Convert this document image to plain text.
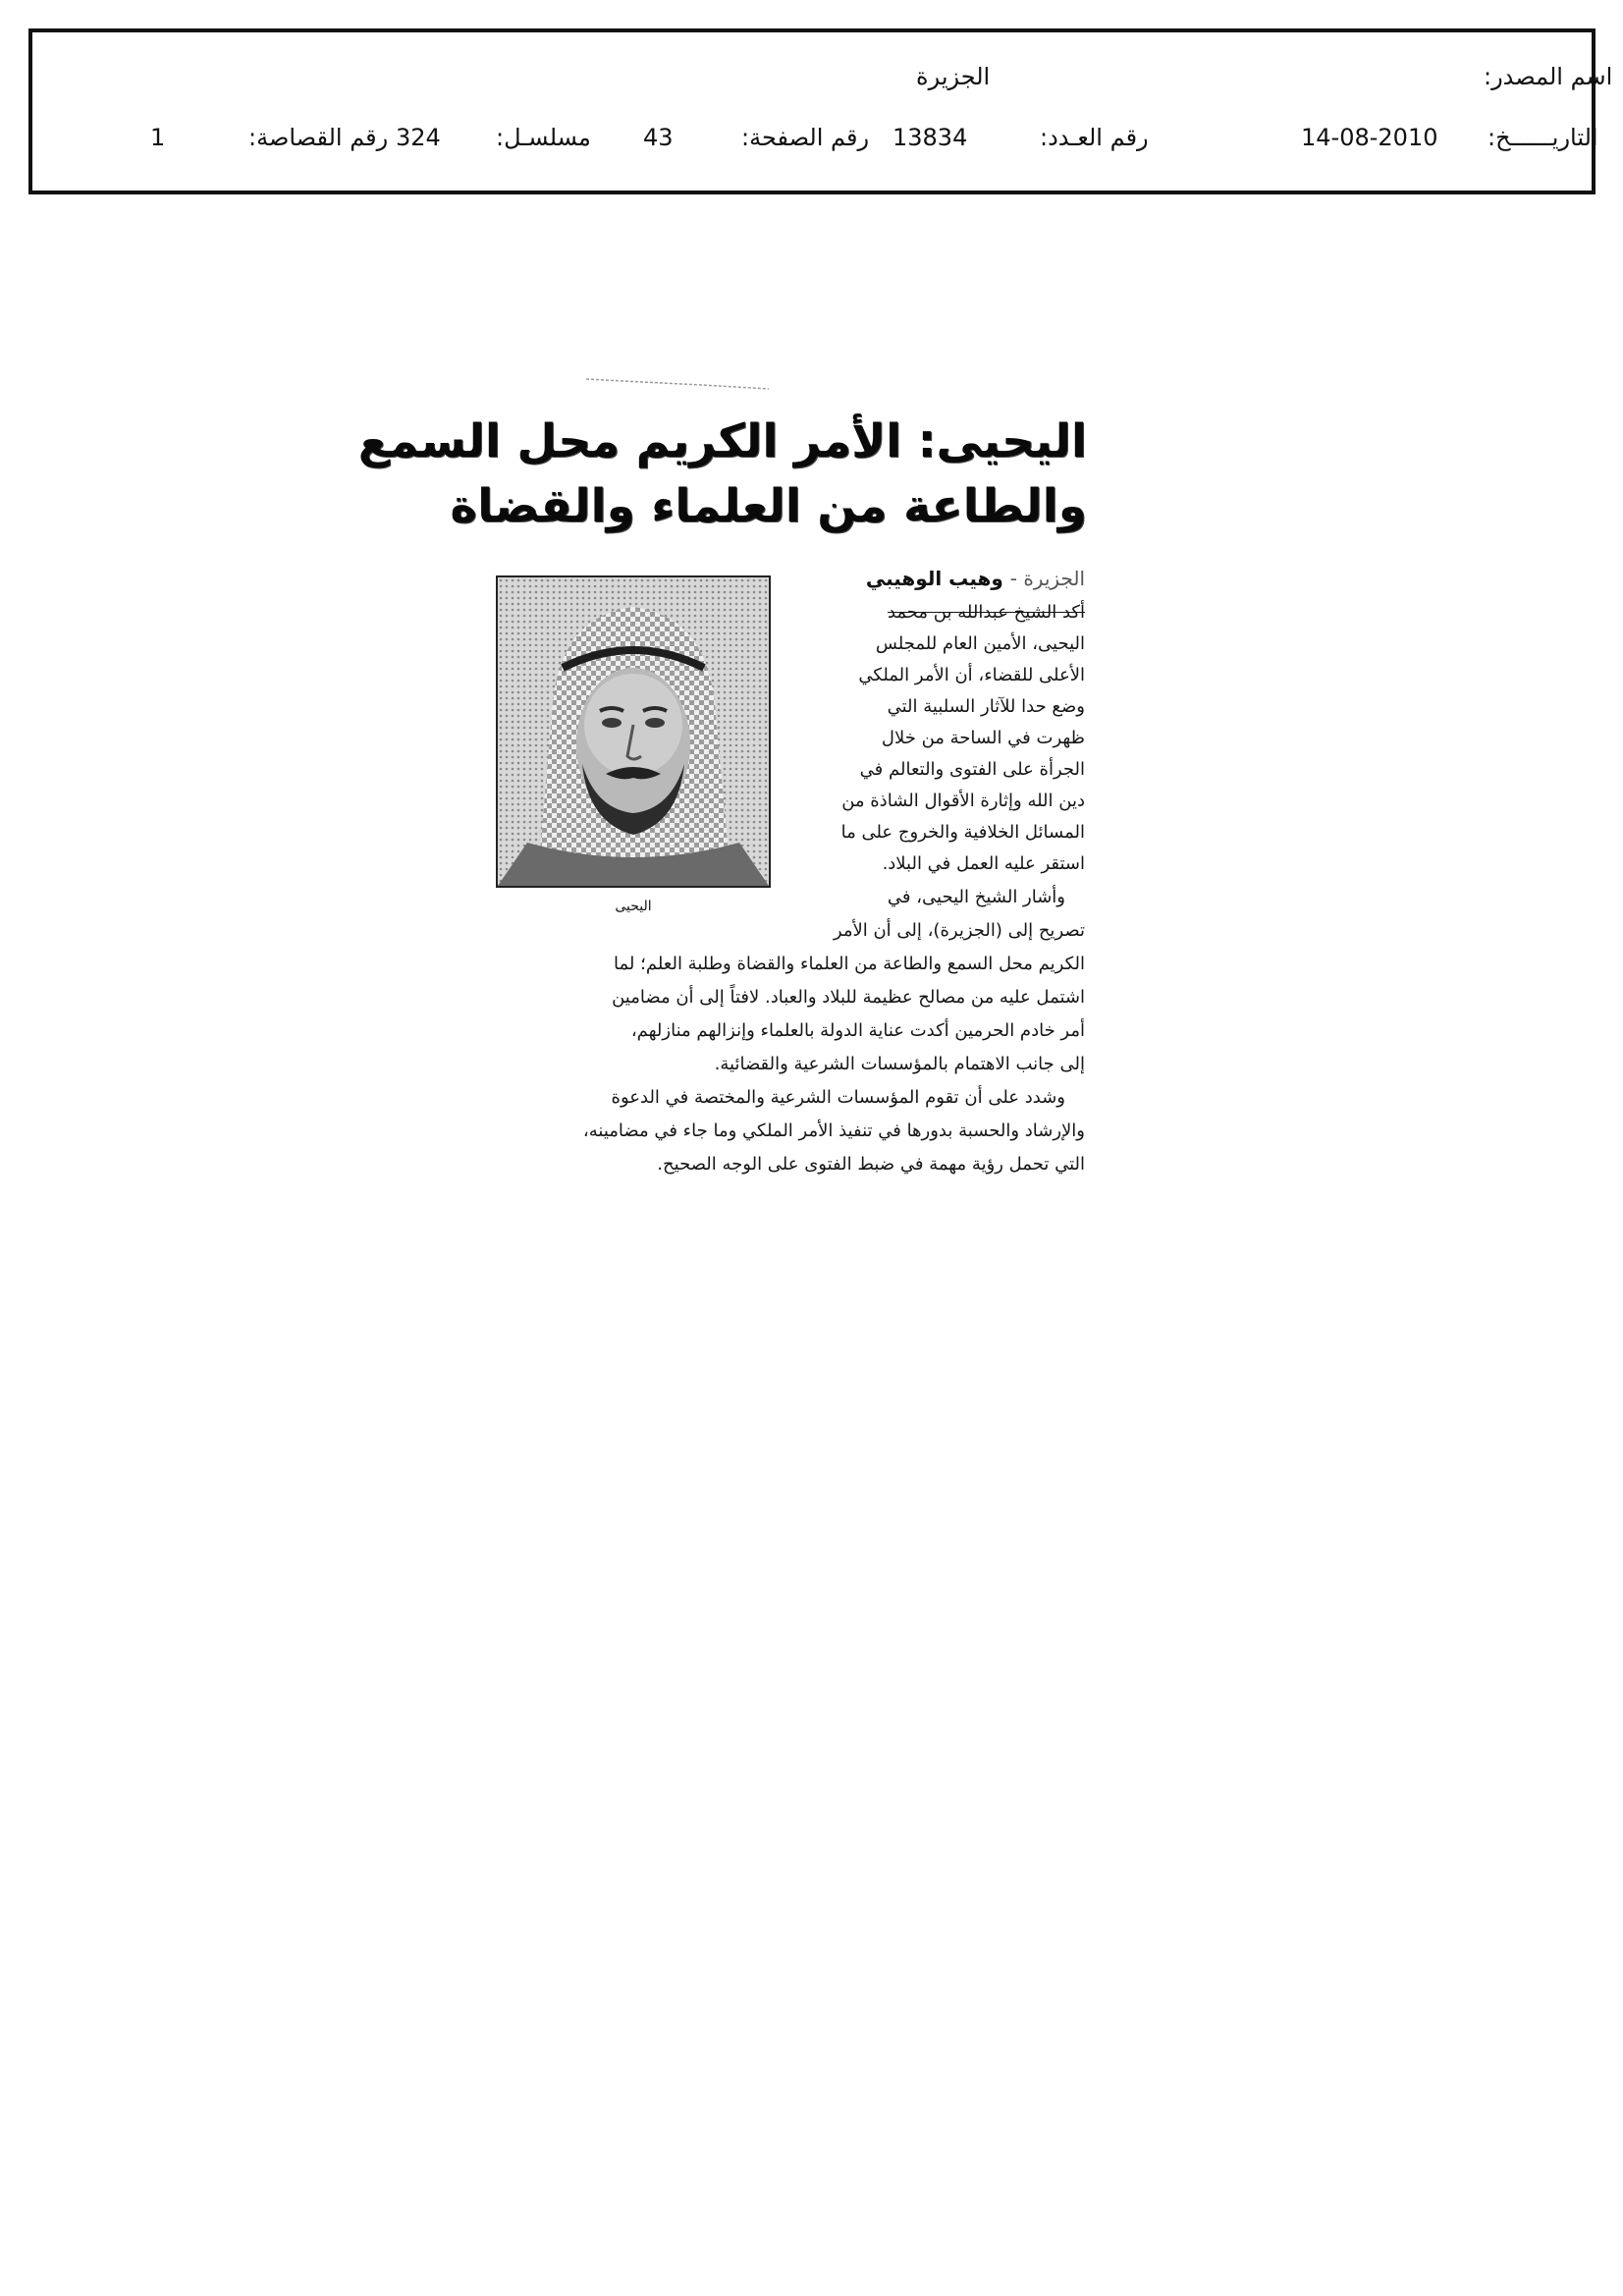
اسم المصدر:
الجزيرة
التاريــــــخ:
14-08-2010
رقم العـدد:
13834
رقم الصفحة:
43
مسلسـل:
324
رقم القصاصة:
1
اليحيى: الأمر الكريم محل السمع
والطاعة من العلماء والقضاة
الجزيرة - وهيب الوهيبي
اليحيى
أكد الشيخ عبدالله بن محمد
اليحيى، الأمين العام للمجلس
الأعلى للقضاء، أن الأمر الملكي
وضع حدا للآثار السلبية التي
ظهرت في الساحة من خلال
الجرأة على الفتوى والتعالم في
دين الله وإثارة الأقوال الشاذة من
المسائل الخلافية والخروج على ما
استقر عليه العمل في البلاد.
وأشار الشيخ اليحيى، في
تصريح إلى (الجزيرة)، إلى أن الأمر
الكريم محل السمع والطاعة من العلماء والقضاة وطلبة العلم؛ لما
اشتمل عليه من مصالح عظيمة للبلاد والعباد. لافتاً إلى أن مضامين
أمر خادم الحرمين أكدت عناية الدولة بالعلماء وإنزالهم منازلهم،
إلى جانب الاهتمام بالمؤسسات الشرعية والقضائية.
وشدد على أن تقوم المؤسسات الشرعية والمختصة في الدعوة
والإرشاد والحسبة بدورها في تنفيذ الأمر الملكي وما جاء في مضامينه،
التي تحمل رؤية مهمة في ضبط الفتوى على الوجه الصحيح.
